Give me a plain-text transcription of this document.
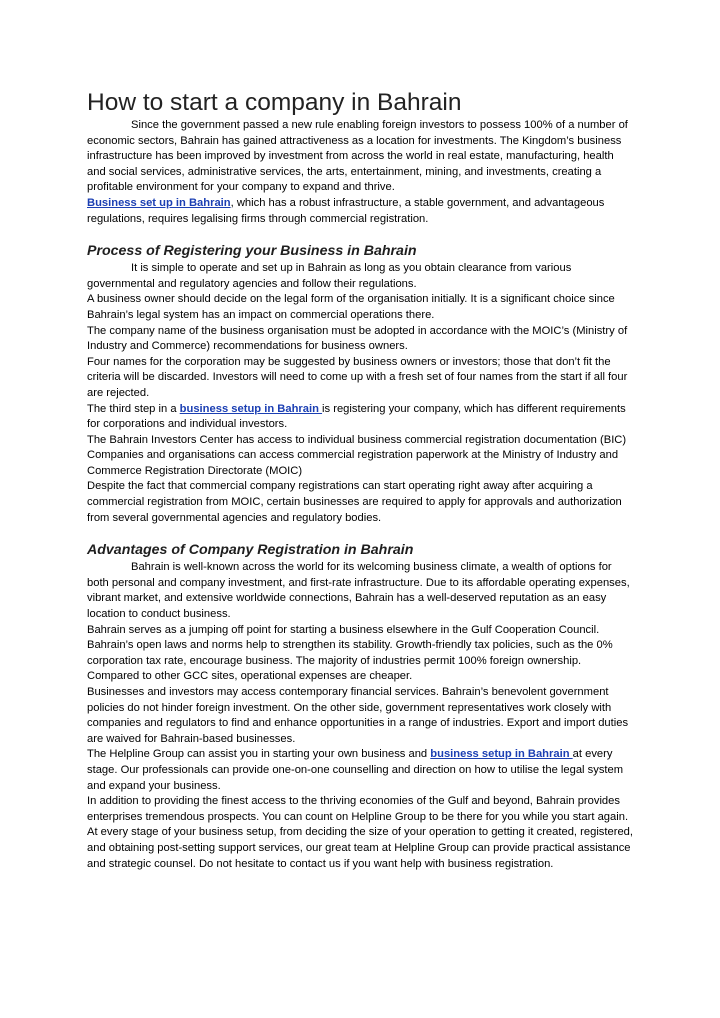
How to start a company in Bahrain

Since the government passed a new rule enabling foreign investors to possess 100% of a number of economic sectors, Bahrain has gained attractiveness as a location for investments. The Kingdom’s business infrastructure has been improved by investment from across the world in real estate, manufacturing, health and social services, administrative services, the arts, entertainment, mining, and investments, creating a profitable environment for your company to expand and thrive.

Business set up in Bahrain, which has a robust infrastructure, a stable government, and advantageous regulations, requires legalising firms through commercial registration.

Process of Registering your Business in Bahrain

It is simple to operate and set up in Bahrain as long as you obtain clearance from various governmental and regulatory agencies and follow their regulations.

A business owner should decide on the legal form of the organisation initially. It is a significant choice since Bahrain’s legal system has an impact on commercial operations there.

The company name of the business organisation must be adopted in accordance with the MOIC’s (Ministry of Industry and Commerce) recommendations for business owners.

Four names for the corporation may be suggested by business owners or investors; those that don’t fit the criteria will be discarded. Investors will need to come up with a fresh set of four names from the start if all four are rejected.

The third step in a business setup in Bahrain is registering your company, which has different requirements for corporations and individual investors.

The Bahrain Investors Center has access to individual business commercial registration documentation (BIC)

Companies and organisations can access commercial registration paperwork at the Ministry of Industry and Commerce Registration Directorate (MOIC)

Despite the fact that commercial company registrations can start operating right away after acquiring a commercial registration from MOIC, certain businesses are required to apply for approvals and authorization from several governmental agencies and regulatory bodies.

Advantages of Company Registration in Bahrain

Bahrain is well-known across the world for its welcoming business climate, a wealth of options for both personal and company investment, and first-rate infrastructure. Due to its affordable operating expenses, vibrant market, and extensive worldwide connections, Bahrain has a well-deserved reputation as an easy location to conduct business.

Bahrain serves as a jumping off point for starting a business elsewhere in the Gulf Cooperation Council. Bahrain’s open laws and norms help to strengthen its stability. Growth-friendly tax policies, such as the 0% corporation tax rate, encourage business. The majority of industries permit 100% foreign ownership. Compared to other GCC sites, operational expenses are cheaper.

Businesses and investors may access contemporary financial services. Bahrain’s benevolent government policies do not hinder foreign investment. On the other side, government representatives work closely with companies and regulators to find and enhance opportunities in a range of industries. Export and import duties are waived for Bahrain-based businesses.

The Helpline Group can assist you in starting your own business and business setup in Bahrain at every stage. Our professionals can provide one-on-one counselling and direction on how to utilise the legal system and expand your business.

In addition to providing the finest access to the thriving economies of the Gulf and beyond, Bahrain provides enterprises tremendous prospects. You can count on Helpline Group to be there for you while you start again.

At every stage of your business setup, from deciding the size of your operation to getting it created, registered, and obtaining post-setting support services, our great team at Helpline Group can provide practical assistance and strategic counsel. Do not hesitate to contact us if you want help with business registration.
